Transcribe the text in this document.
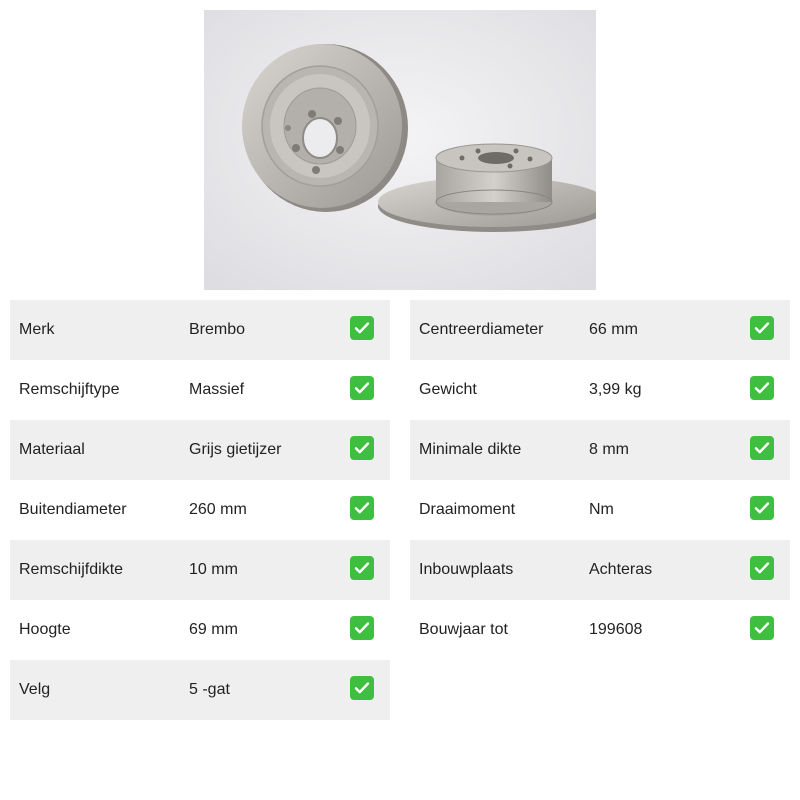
Merk	Brembo
Remschijftype	Massief
Materiaal	Grijs gietijzer
Buitendiameter	260 mm
Remschijfdikte	10 mm
Hoogte	69 mm
Velg	5 -gat
Centreerdiameter	66 mm
Gewicht	3,99 kg
Minimale dikte	8 mm
Draaimoment	Nm
Inbouwplaats	Achteras
Bouwjaar tot	199608
